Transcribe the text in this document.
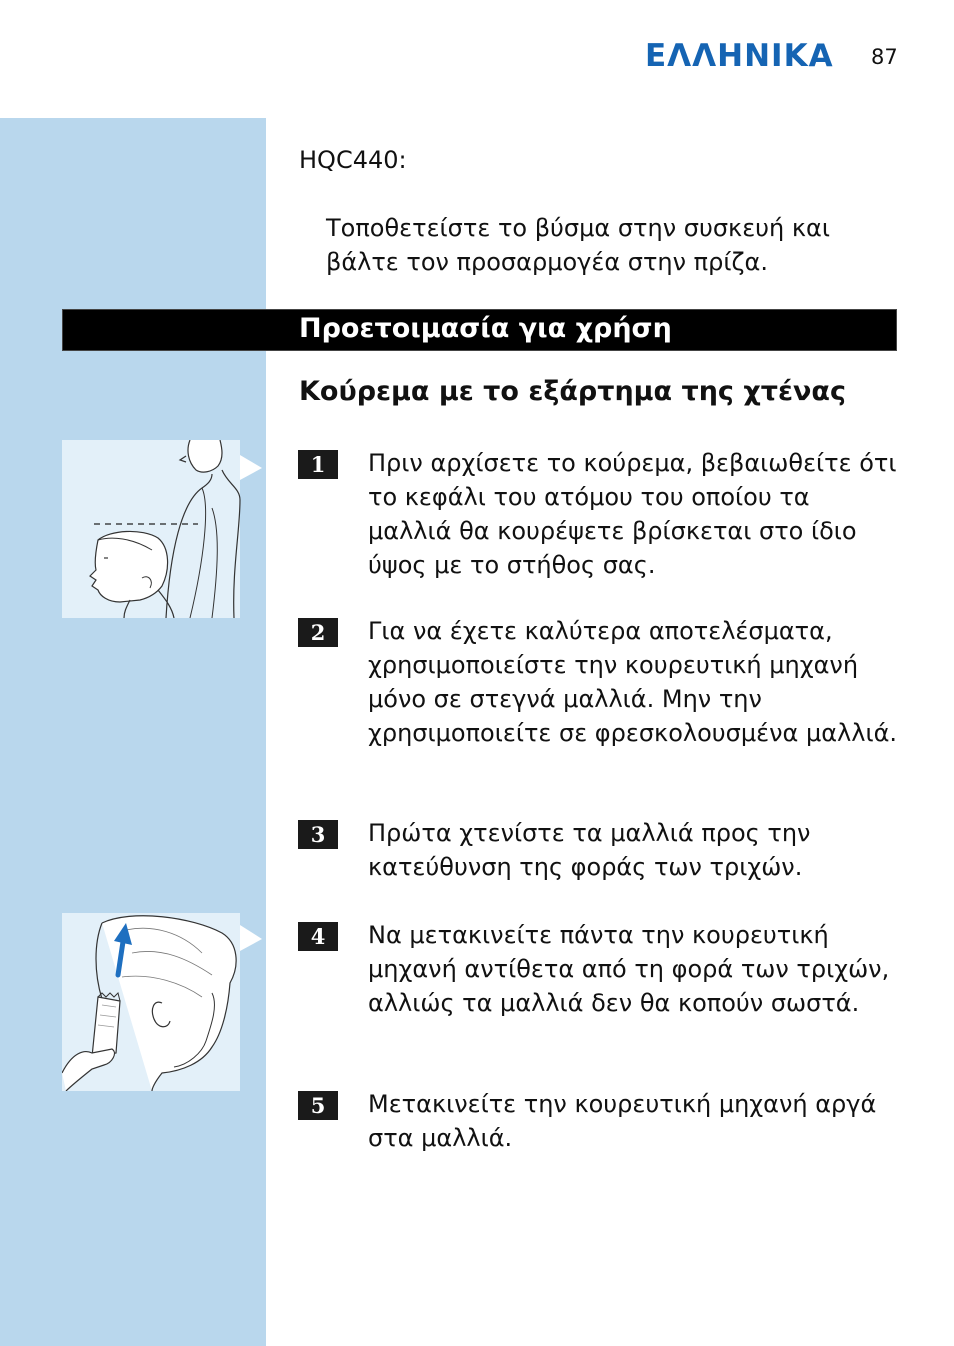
ΕΛΛΗΝΙΚΑ 87
HQC440:
Τοποθετείστε το βύσμα στην συσκευή και βάλτε τον προσαρμογέα στην πρίζα.
Προετοιμασία για χρήση
Κούρεμα με το εξάρτημα της χτένας
1	Πριν αρχίσετε το κούρεμα, βεβαιωθείτε ότι το κεφάλι του ατόμου του οποίου τα μαλλιά θα κουρέψετε βρίσκεται στο ίδιο ύψος με το στήθος σας.
2	Για να έχετε καλύτερα αποτελέσματα, χρησιμοποιείστε την κουρευτική μηχανή μόνο σε στεγνά μαλλιά. Μην την χρησιμοποιείτε σε φρεσκολουσμένα μαλλιά.
3	Πρώτα χτενίστε τα μαλλιά προς την κατεύθυνση της φοράς των τριχών.
4	Να μετακινείτε πάντα την κουρευτική μηχανή αντίθετα από τη φορά των τριχών, αλλιώς τα μαλλιά δεν θα κοπούν σωστά.
5	Μετακινείτε την κουρευτική μηχανή αργά στα μαλλιά.
